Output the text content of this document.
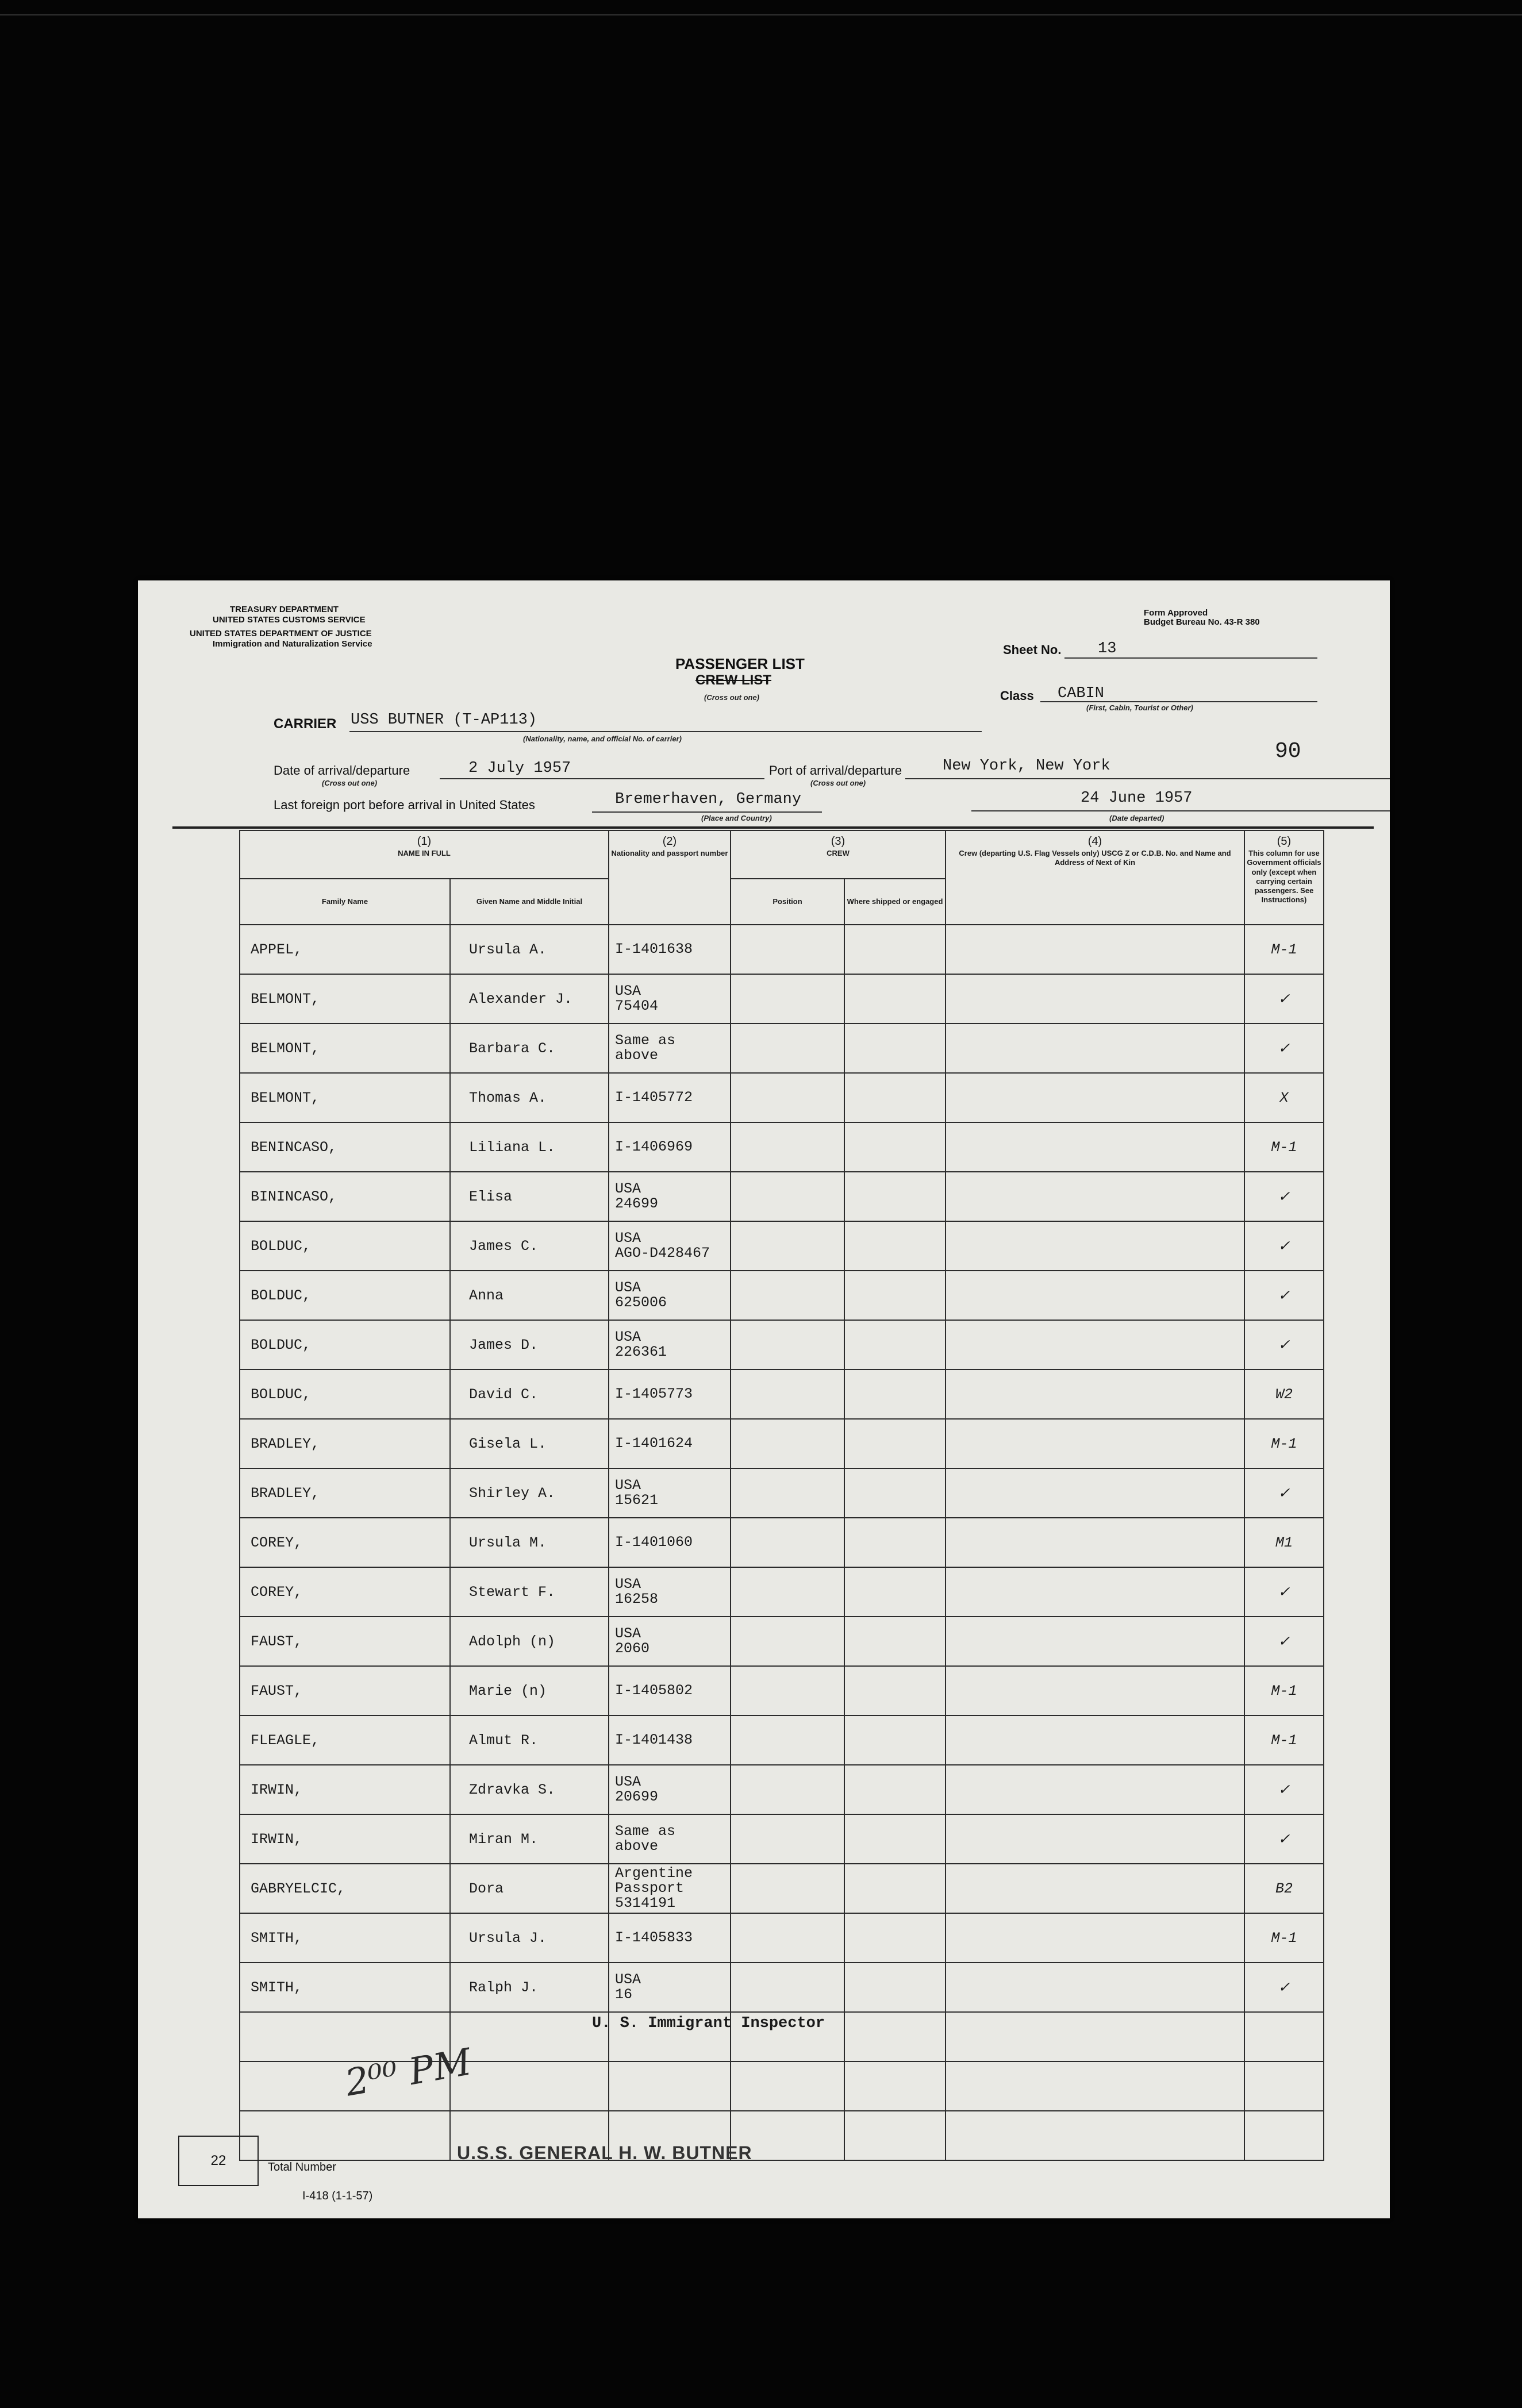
TREASURY DEPARTMENT
UNITED STATES CUSTOMS SERVICE
UNITED STATES DEPARTMENT OF JUSTICE
Immigration and Naturalization Service
Form Approved
Budget Bureau No. 43-R 380
PASSENGER LIST
CREW LIST
(Cross out one)
Sheet No. 13
Class CABIN
(First, Cabin, Tourist or Other)
CARRIER USS BUTNER (T-AP113)
(Nationality, name, and official No. of carrier)
90
Date of arrival/departure
(Cross out one)
2 July 1957	Port of arrival/departure
(Cross out one)
New York, New York
Last foreign port before arrival in United States	Bremerhaven, Germany
(Place and Country)
24 June 1957
(Date departed)
(1)
NAME IN FULL		(2)
Nationality and passport number	(3)
CREW		(4)
Crew (departing U.S. Flag Vessels only) USCG Z or C.D.B. No. and Name and Address of Next of Kin	(5)
This column for use Government officials only (except when carrying certain passengers. See Instructions)
Family Name	Given Name and Middle Initial		Position	Where shipped or engaged		
APPEL,	Ursula A.	I-1401638				M-1
BELMONT,	Alexander J.	USA
75404				✓
BELMONT,	Barbara C.	Same as
above				✓
BELMONT,	Thomas A.	I-1405772				X
BENINCASO,	Liliana L.	I-1406969				M-1
BININCASO,	Elisa	USA
24699				✓
BOLDUC,	James C.	USA
AGO-D428467				✓
BOLDUC,	Anna	USA
625006				✓
BOLDUC,	James D.	USA
226361				✓
BOLDUC,	David C.	I-1405773				W2
BRADLEY,	Gisela L.	I-1401624				M-1
BRADLEY,	Shirley A.	USA
15621				✓
COREY,	Ursula M.	I-1401060				M1
COREY,	Stewart F.	USA
16258				✓
FAUST,	Adolph (n)	USA
2060				✓
FAUST,	Marie (n)	I-1405802				M-1
FLEAGLE,	Almut R.	I-1401438				M-1
IRWIN,	Zdravka S.	USA
20699				✓
IRWIN,	Miran M.	Same as
above				✓
GABRYELCIC,	Dora	Argentine
Passport
5314191				B2
SMITH,	Ursula J.	I-1405833				M-1
SMITH,	Ralph J.	USA
16				✓

U. S. Immigrant Inspector
2⁰⁰ PM
22	Total Number
I-418 (1-1-57)
U.S.S. GENERAL H. W. BUTNER
